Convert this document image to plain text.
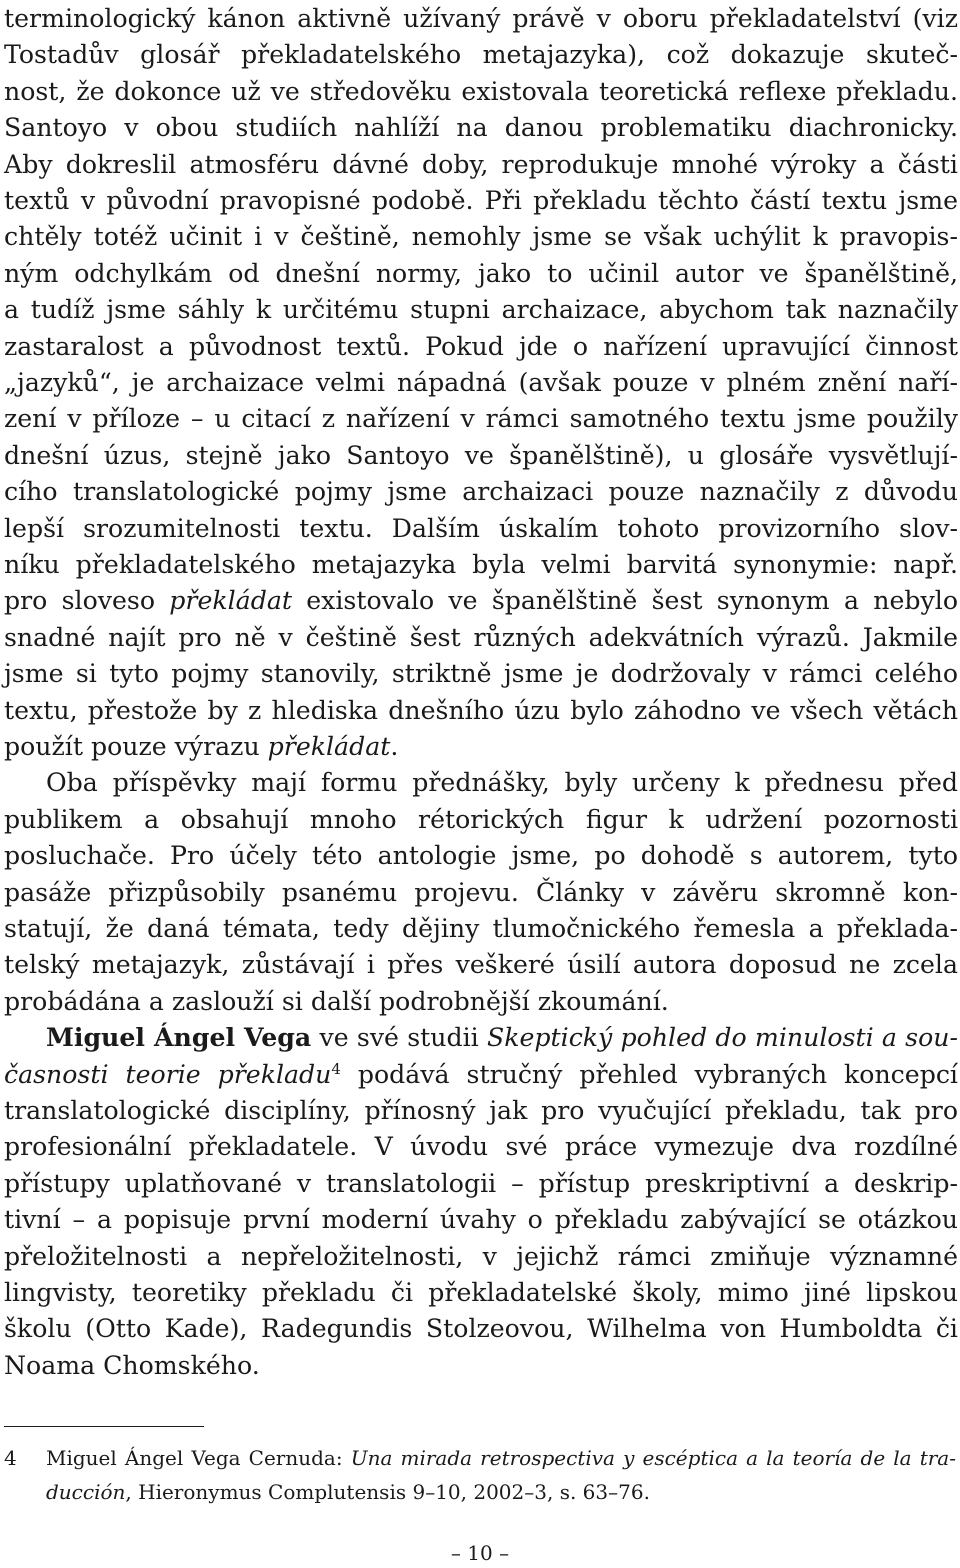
terminologický kánon aktivně užívaný právě v oboru překladatelství (viz
Tostadův glosář překladatelského metajazyka), což dokazuje skuteč-
nost, že dokonce už ve středověku existovala teoretická reflexe překladu.
Santoyo v obou studiích nahlíží na danou problematiku diachronicky.
Aby dokreslil atmosféru dávné doby, reprodukuje mnohé výroky a části
textů v původní pravopisné podobě. Při překladu těchto částí textu jsme
chtěly totéž učinit i v češtině, nemohly jsme se však uchýlit k pravopis-
ným odchylkám od dnešní normy, jako to učinil autor ve španělštině,
a tudíž jsme sáhly k určitému stupni archaizace, abychom tak naznačily
zastaralost a původnost textů. Pokud jde o nařízení upravující činnost
„jazyků“, je archaizace velmi nápadná (avšak pouze v plném znění naří-
zení v příloze – u citací z nařízení v rámci samotného textu jsme použily
dnešní úzus, stejně jako Santoyo ve španělštině), u glosáře vysvětlují-
cího translatologické pojmy jsme archaizaci pouze naznačily z důvodu
lepší srozumitelnosti textu. Dalším úskalím tohoto provizorního slov-
níku překladatelského metajazyka byla velmi barvitá synonymie: např.
pro sloveso překládat existovalo ve španělštině šest synonym a nebylo
snadné najít pro ně v češtině šest různých adekvátních výrazů. Jakmile
jsme si tyto pojmy stanovily, striktně jsme je dodržovaly v rámci celého
textu, přestože by z hlediska dnešního úzu bylo záhodno ve všech větách
použít pouze výrazu překládat.
Oba příspěvky mají formu přednášky, byly určeny k přednesu před
publikem a obsahují mnoho rétorických figur k udržení pozornosti
posluchače. Pro účely této antologie jsme, po dohodě s autorem, tyto
pasáže přizpůsobily psanému projevu. Články v závěru skromně kon-
statují, že daná témata, tedy dějiny tlumočnického řemesla a překlada-
telský metajazyk, zůstávají i přes veškeré úsilí autora doposud ne zcela
probádána a zaslouží si další podrobnější zkoumání.
Miguel Ángel Vega ve své studii Skeptický pohled do minulosti a sou-
časnosti teorie překladu$^4$ podává stručný přehled vybraných koncepcí
translatologické disciplíny, přínosný jak pro vyučující překladu, tak pro
profesionální překladatele. V úvodu své práce vymezuje dva rozdílné
přístupy uplatňované v translatologii – přístup preskriptivní a deskrip-
tivní – a popisuje první moderní úvahy o překladu zabývající se otázkou
přeložitelnosti a nepřeložitelnosti, v jejichž rámci zmiňuje významné
lingvisty, teoretiky překladu či překladatelské školy, mimo jiné lipskou
školu (Otto Kade), Radegundis Stolzeovou, Wilhelma von Humboldta či
Noama Chomského.
4 Miguel Ángel Vega Cernuda: Una mirada retrospectiva y escéptica a la teoría de la tra-
ducción, Hieronymus Complutensis 9–10, 2002–3, s. 63–76.
– 10 –
